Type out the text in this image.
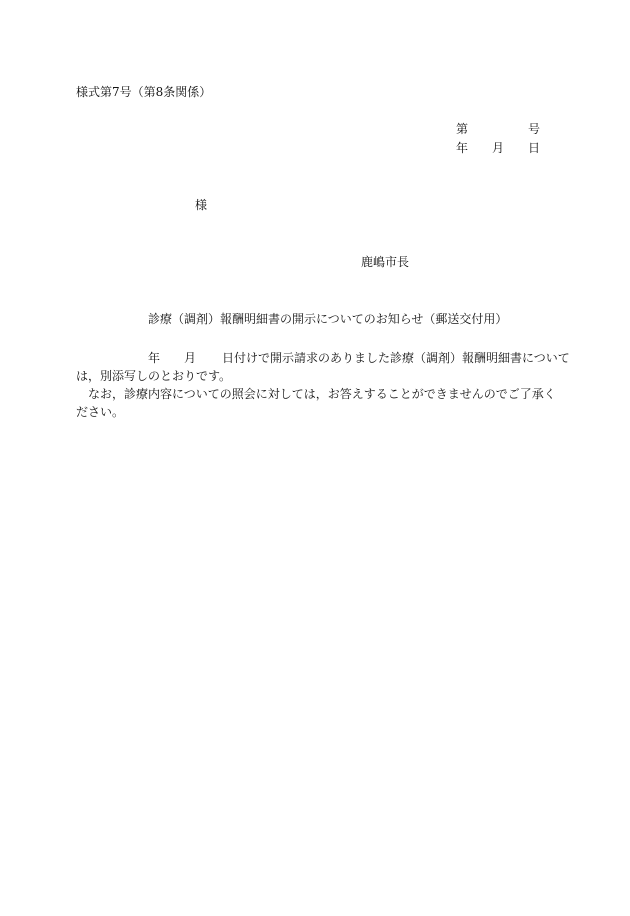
様式第7号（第8条関係）
第	号
年 月 日
様
鹿嶋市長
診療（調剤）報酬明細書の開示についてのお知らせ（郵送交付用）
年 月 日付けで開示請求のありました診療（調剤）報酬明細書について
は，別添写しのとおりです。
なお，診療内容についての照会に対しては，お答えすることができませんのでご了承く
ださい。
